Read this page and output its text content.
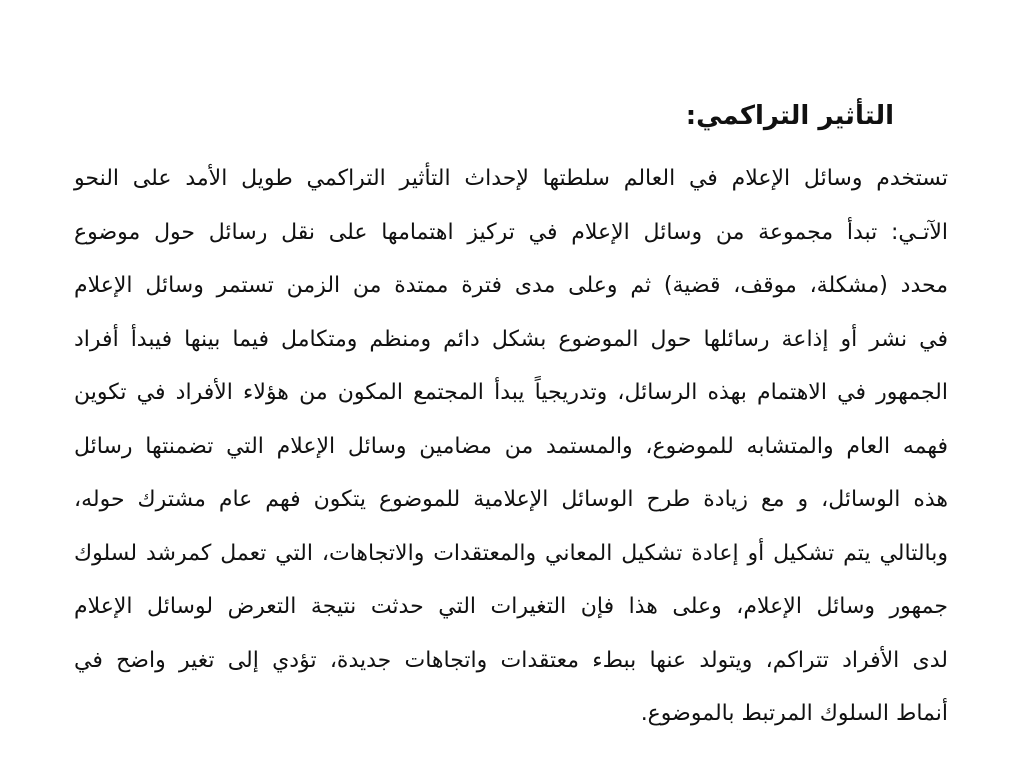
التأثير التراكمي:
تستخدم وسائل الإعلام في العالم سلطتها لإحداث التأثير التراكمي طويل الأمد على النحو
الآتـي: تبدأ مجموعة من وسائل الإعلام في تركيز اهتمامها على نقل رسائل حول موضوع
محدد (مشكلة، موقف، قضية) ثم وعلى مدى فترة ممتدة من الزمن تستمر وسائل الإعلام
في نشر أو إذاعة رسائلها حول الموضوع بشكل دائم ومنظم ومتكامل فيما بينها فيبدأ أفراد
الجمهور في الاهتمام بهذه الرسائل، وتدريجياً يبدأ المجتمع المكون من هؤلاء الأفراد في تكوين
فهمه العام والمتشابه للموضوع، والمستمد من مضامين وسائل الإعلام التي تضمنتها رسائل
هذه الوسائل، و مع زيادة طرح الوسائل الإعلامية للموضوع يتكون فهم عام مشترك حوله،
وبالتالي يتم تشكيل أو إعادة تشكيل المعاني والمعتقدات والاتجاهات، التي تعمل كمرشد لسلوك
جمهور وسائل الإعلام، وعلى هذا فإن التغيرات التي حدثت نتيجة التعرض لوسائل الإعلام
لدى الأفراد تتراكم، ويتولد عنها ببطء معتقدات واتجاهات جديدة، تؤدي إلى تغير واضح في
أنماط السلوك المرتبط بالموضوع.
